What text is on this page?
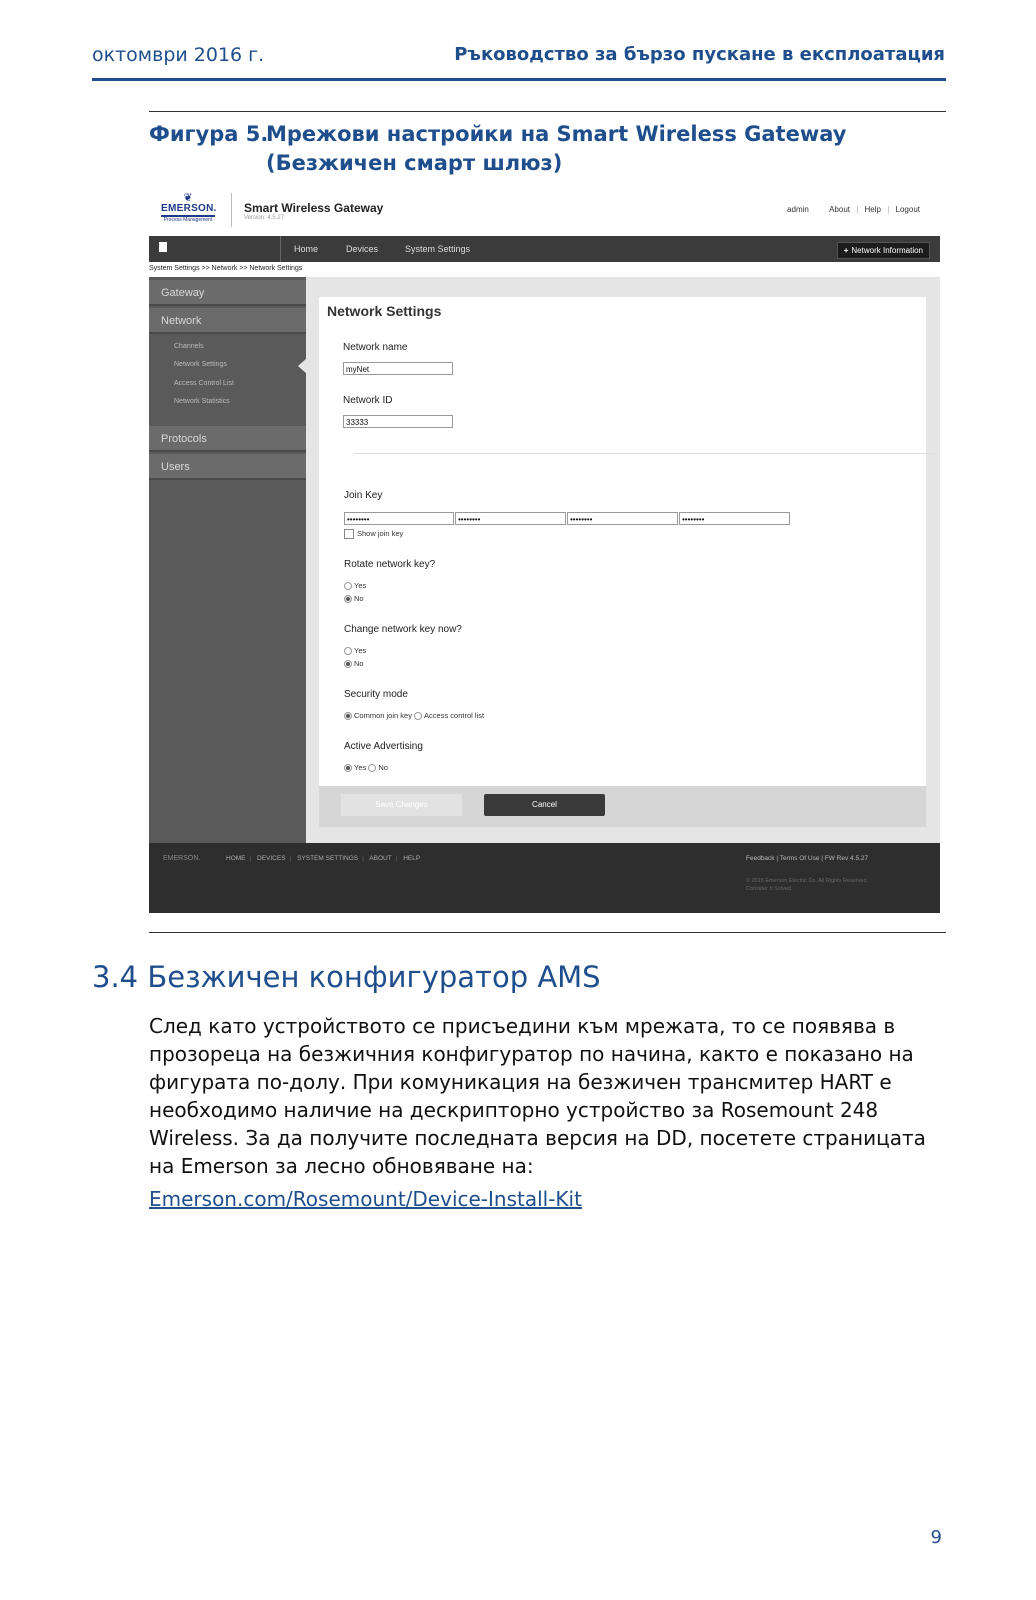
октомври 2016 г.	Ръководство за бързо пускане в експлоатация
Фигура 5.
Мрежови настройки на Smart Wireless Gateway (Безжичен смарт шлюз)
❦
EMERSON.
Process Management
Smart Wireless Gateway
Version: 4.5.27
admin	About | Help | Logout
Home	Devices	System Settings	+ Network Information
System Settings >> Network >> Network Settings
Gateway
Network
Channels
Network Settings
Access Control List
Network Statistics
Protocols
Users
Network Settings
Network name
myNet
Network ID
33333
Join Key
••••••••	••••••••	••••••••	••••••••
Show join key
Rotate network key?
Yes
No
Change network key now?
Yes
No
Security mode
Common join key Access control list
Active Advertising
Yes No
Save Changes	Cancel
EMERSON.	HOME | DEVICES | SYSTEM SETTINGS | ABOUT | HELP	Feedback | Terms Of Use | FW Rev 4.5.27
© 2015 Emerson Electric Co. All Rights Reserved.
Consider It Solved.
3.4 Безжичен конфигуратор AMS
След като устройството се присъедини към мрежата, то се появява в прозореца на безжичния конфигуратор по начина, както е показано на фигурата по-долу. При комуникация на безжичен трансмитер HART е необходимо наличие на дескрипторно устройство за Rosemount 248 Wireless. За да получите последната версия на DD, посетете страницата на Emerson за лесно обновяване на:
Emerson.com/Rosemount/Device-Install-Kit
9
